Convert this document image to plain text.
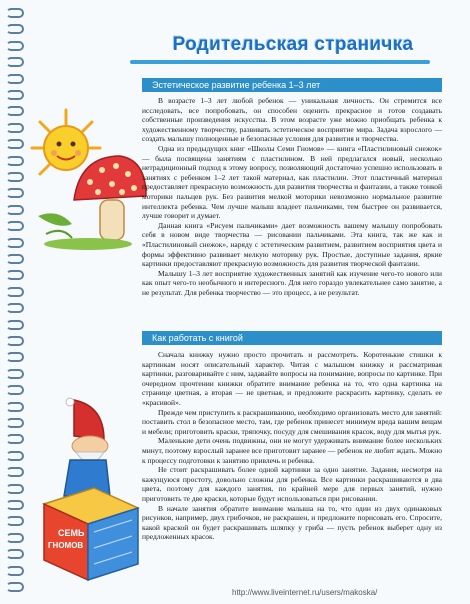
Родительская страничка
Эстетическое развитие ребенка 1–3 лет

В возрасте 1–3 лет любой ребенок — уникальная личность. Он стремится все исследовать, все попробовать, он способен оценить прекрасное и готов создавать собственные произведения искусства. В этом возрасте уже можно приобщать ребенка к художественному творчеству, развивать эстетическое восприятие мира. Задача взрослого — создать малышу полноценные и безопасные условия для развития и творчества.

Одна из предыдущих книг «Школы Семи Гномов» — книга «Пластилиновый снежок» — была посвящена занятиям с пластилином. В ней предлагался новый, несколько нетрадиционный подход к этому вопросу, позволяющий достаточно успешно использовать в занятиях с ребенком 1–2 лет такой материал, как пластилин. Этот пластичный материал предоставляет прекрасную возможность для развития творчества и фантазии, а также тонкой моторики пальцев рук. Без развития мелкой моторики невозможно нормальное развитие интеллекта ребенка. Чем лучше малыш владеет пальчиками, тем быстрее он развивается, лучше говорит и думает.

Данная книга «Рисуем пальчиками» дает возможность вашему малышу попробовать себя в новом виде творчества — рисовании пальчиками. Эта книга, так же как и «Пластилиновый снежок», наряду с эстетическим развитием, развитием восприятия цвета и формы эффективно развивает мелкую моторику рук. Простые, доступные задания, яркие картинки предоставляют прекрасную возможность для развития творческой фантазии.

Малышу 1–3 лет восприятие художественных занятий как изучение чего-то нового или как опыт чего-то необычного и интересного. Для него гораздо увлекательнее само занятие, а не результат. Для ребенка творчество — это процесс, а не результат.

Как работать с книгой
СЕМЬ
ГНОМОВ

Сначала книжку нужно просто прочитать и рассмотреть. Коротенькие стишки к картинкам носят описательный характер. Читая с малышом книжку и рассматривая картинки, разговаривайте с ним, задавайте вопросы на понимание, вопросы по картинке. При очередном прочтении книжки обратите внимание ребенка на то, что одна картинка на странице цветная, а вторая — не цветная, и предложите раскрасить картинку, сделать ее «красивой».

Прежде чем приступить к раскрашиванию, необходимо организовать место для занятий: поставить стол в безопасное место, там, где ребенок принесет минимум вреда вашим вещам и мебели; приготовить краски, тряпочку, посуду для смешивания красок, воду для мытья рук.

Маленькие дети очень подвижны, они не могут удерживать внимание более нескольких минут, поэтому взрослый заранее все приготовит заранее — ребенок не любит ждать. Можно к процессу подготовки к занятию привлечь и ребенка.

Не стоит раскрашивать более одной картинки за одно занятие. Задания, несмотря на кажущуюся простоту, довольно сложны для ребенка. Все картинки раскрашиваются в два цвета, поэтому для каждого занятия, по крайней мере для первых занятий, нужно приготовить те две краски, которые будут использоваться при рисовании.

В начале занятия обратите внимание малыша на то, что один из двух одинаковых рисунков, например, двух грибочков, не раскрашен, и предложите порисовать его. Спросите, какой краской он будет раскрашивать шляпку у гриба — пусть ребенок выберет одну из предложенных красок.

http://www.liveinternet.ru/users/makoska/
